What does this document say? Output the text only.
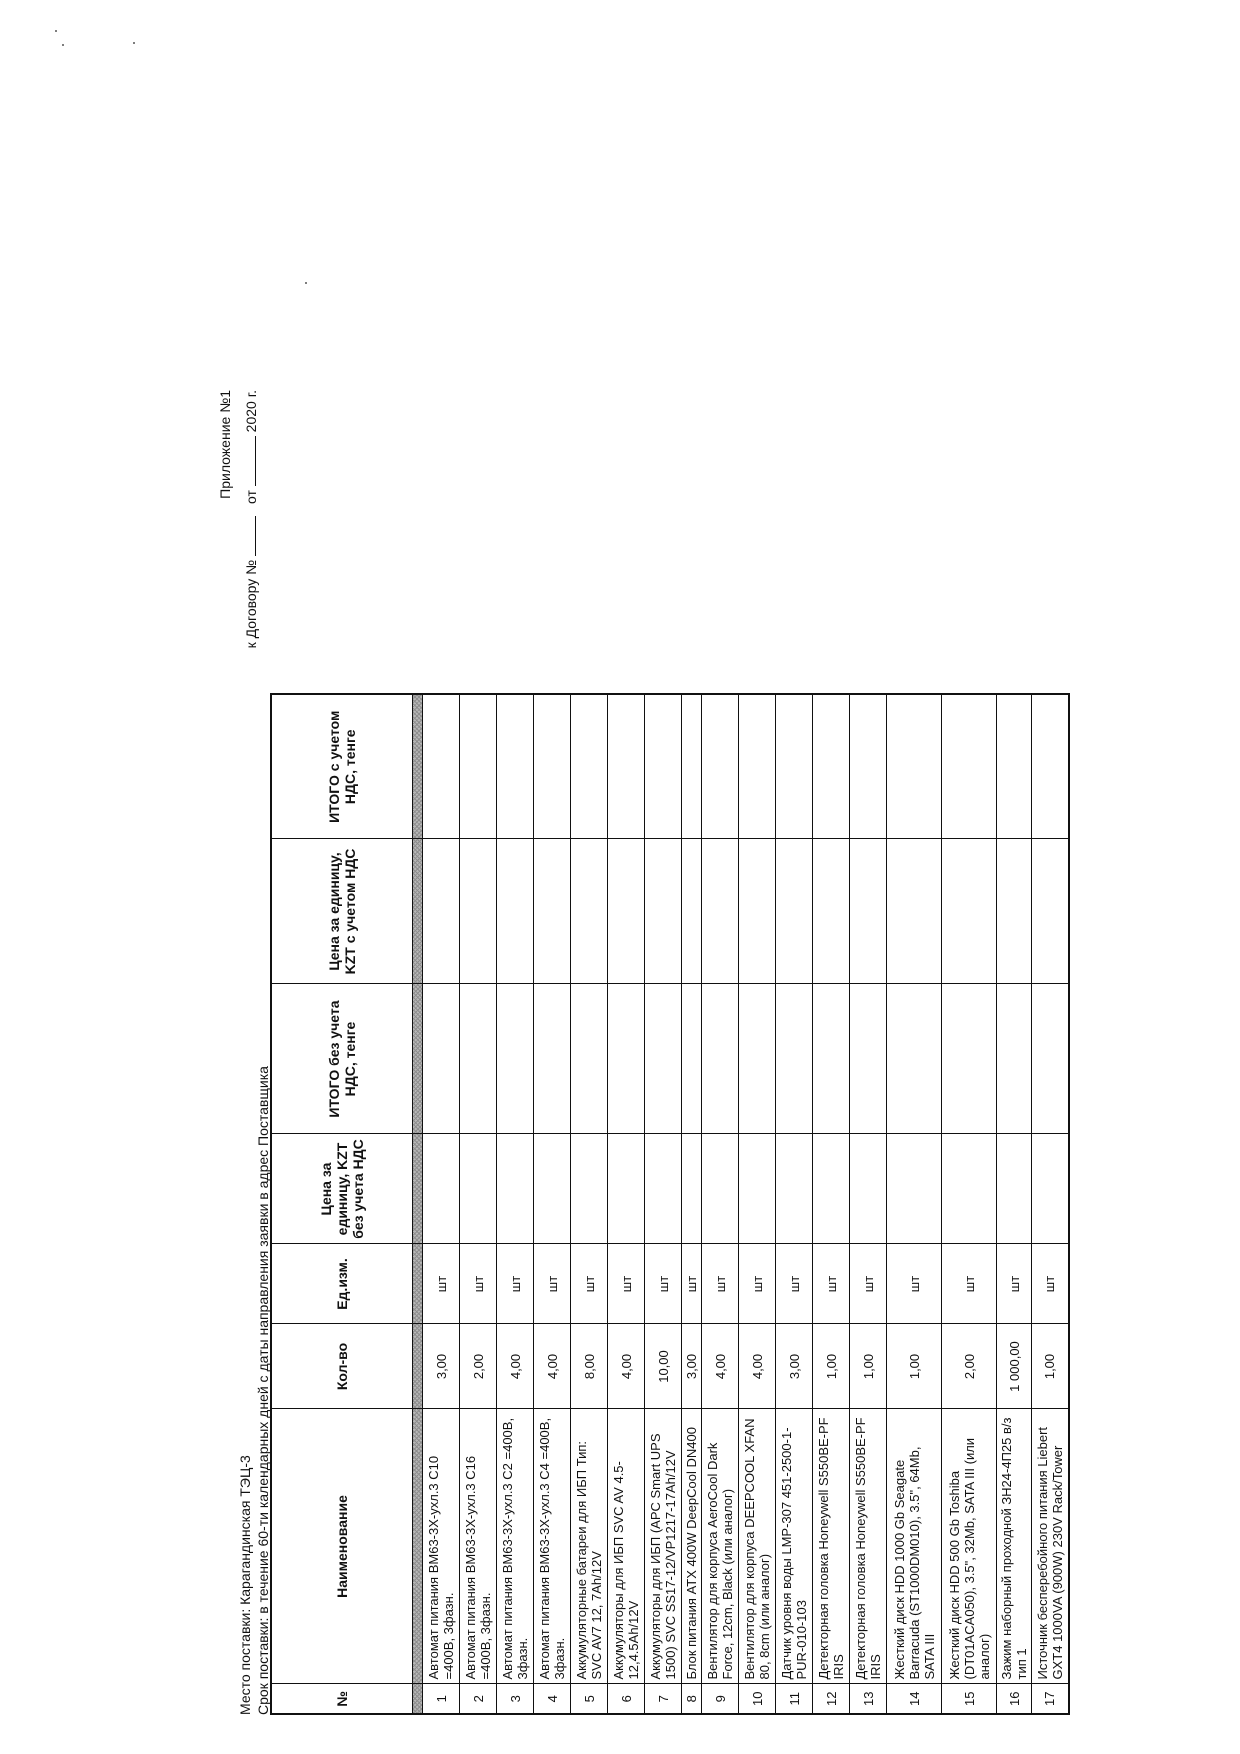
Приложение №1
к Договору №  от  2020 г.
Место поставки: Карагандинская ТЭЦ-3 Срок поставки: в течение 60-ти календарных дней с даты направления заявки в адрес Поставщика	№	Наименование	Кол-во	Ед.изм.	Цена за единицу, KZT без учета НДС	ИТОГО без учета НДС, тенге	Цена за единицу, KZT с учетом НДС	ИТОГО с учетом НДС, тенге

1	Автомат питания ВМ63-3Х-ухл.3 С10 =400В, 3фазн.	3,00	шт				
2	Автомат питания ВМ63-3Х-ухл.3 С16 =400В, 3фазн.	2,00	шт				
3	Автомат питания ВМ63-3Х-ухл.3 С2 =400В, 3фазн.	4,00	шт				
4	Автомат питания ВМ63-3Х-ухл.3 С4 =400В, 3фазн.	4,00	шт				
5	Аккумуляторные батареи для ИБП Тип: SVC AV7 12, 7Ah/12V	8,00	шт				
6	Аккумуляторы для ИБП SVC AV 4.5-12,4.5Ah/12V	4,00	шт				
7	Аккумуляторы для ИБП (APC Smart UPS 1500) SVC SS17-12/VP1217-17Ah/12V	10,00	шт				
8	Блок питания ATX 400W DeepCool DN400	3,00	шт				
9	Вентилятор для корпуса AeroCool Dark Force, 12cm, Black (или аналог)	4,00	шт				
10	Вентилятор для корпуса DEEPCOOL XFAN 80, 8cm (или аналог)	4,00	шт				
11	Датчик уровня воды LMP-307 451-2500-1-PUR-010-103	3,00	шт				
12	Детекторная головка Honeywell S550BE-PF IRIS	1,00	шт				
13	Детекторная головка Honeywell S550BE-PF IRIS	1,00	шт				
14	Жесткий диск HDD 1000 Gb Seagate Barracuda (ST1000DM010), 3.5", 64Mb, SATA III	1,00	шт				
15	Жесткий диск HDD 500 Gb Toshiba (DT01ACA050), 3.5", 32Mb, SATA III (или аналог)	2,00	шт				
16	Зажим наборный проходной ЗН24-4П25 в/з тип 1	1 000,00	шт				
17	Источник бесперебойного питания Liebert GXT4 1000VA (900W) 230V Rack/Tower	1,00	шт				
